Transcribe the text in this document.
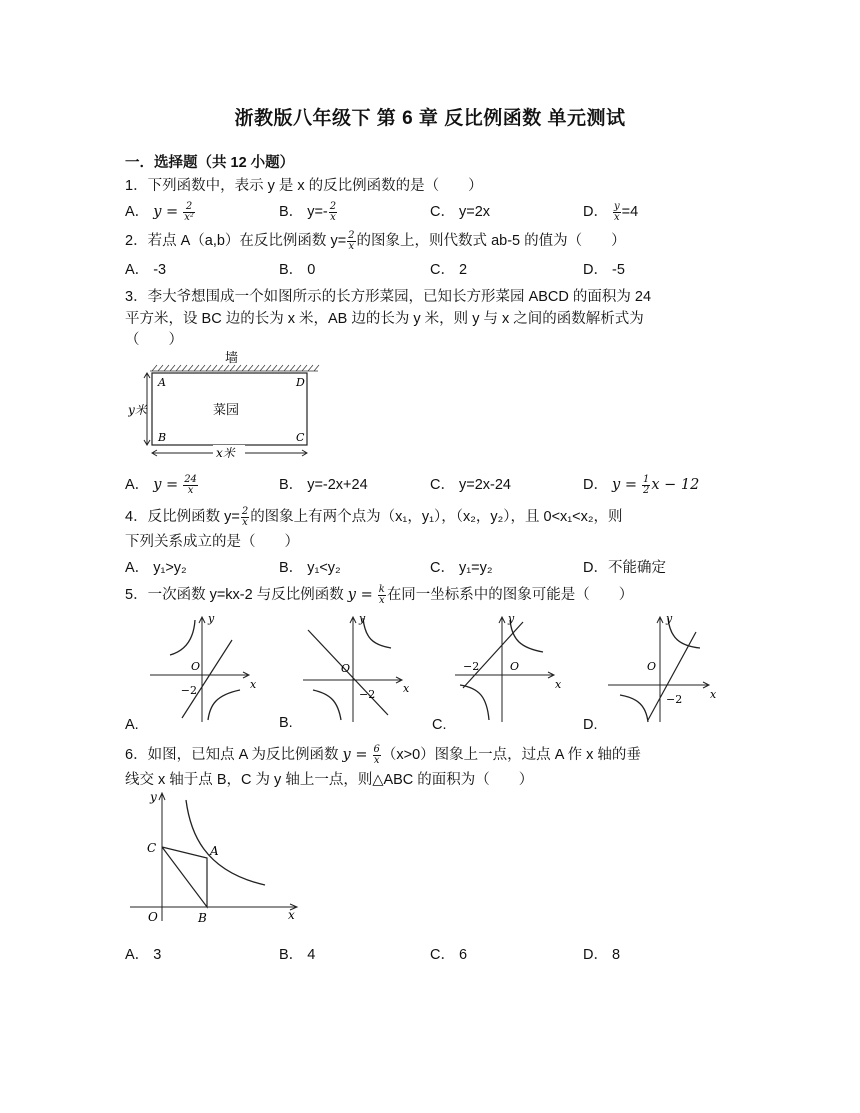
浙教版八年级下 第 6 章 反比例函数 单元测试
一．选择题（共 12 小题）
1．下列函数中，表示 y 是 x 的反比例函数的是（　　）
A． $y = \frac{2}{\text{x²}}$	B． $y=- \frac{2}{x}$	C． y=2x	D． $\frac{y}{x} =4$
2．若点 A（a,b）在反比例函数 $y= \frac{2}{x}$ 的图象上，则代数式 ab-5 的值为（　　）
A． -3	B． 0	C． 2	D． -5
3．李大爷想围成一个如图所示的长方形菜园，已知长方形菜园 ABCD 的面积为 24
平方米，设 BC 边的长为 x 米，AB 边的长为 y 米，则 y 与 x 之间的函数解析式为
（　　）
墙
A	D
B	C
菜园
y米
x米
A． $y = \frac{24}{x}$	B． y=-2x+24	C． y=2x-24	D． $y = \frac{1}{2}$ x − 12
4．反比例函数 $y= \frac{2}{x}$ 的图象上有两个点为（x₁，y₁），（x₂，y₂），且 0<x₁<x₂，则
下列关系成立的是（　　）
A． y₁>y₂	B． y₁<y₂	C． y₁=y₂	D．不能确定
5．一次函数 y=kx-2 与反比例函数 $y = \frac{k}{x}$ 在同一坐标系中的图象可能是（　　）
y
x
O
−2
A.
y
x
O
−2
B.
y
x
O
−2
C.
y
x
O
−2
D.
6．如图，已知点 A 为反比例函数 $y = \frac{6}{x} (x>0)$图象上一点，过点 A 作 x 轴的垂
线交 x 轴于点 B，C 为 y 轴上一点，则△ABC 的面积为（　　）
y
x
O
A
B
C
A． 3	B． 4	C． 6	D． 8
